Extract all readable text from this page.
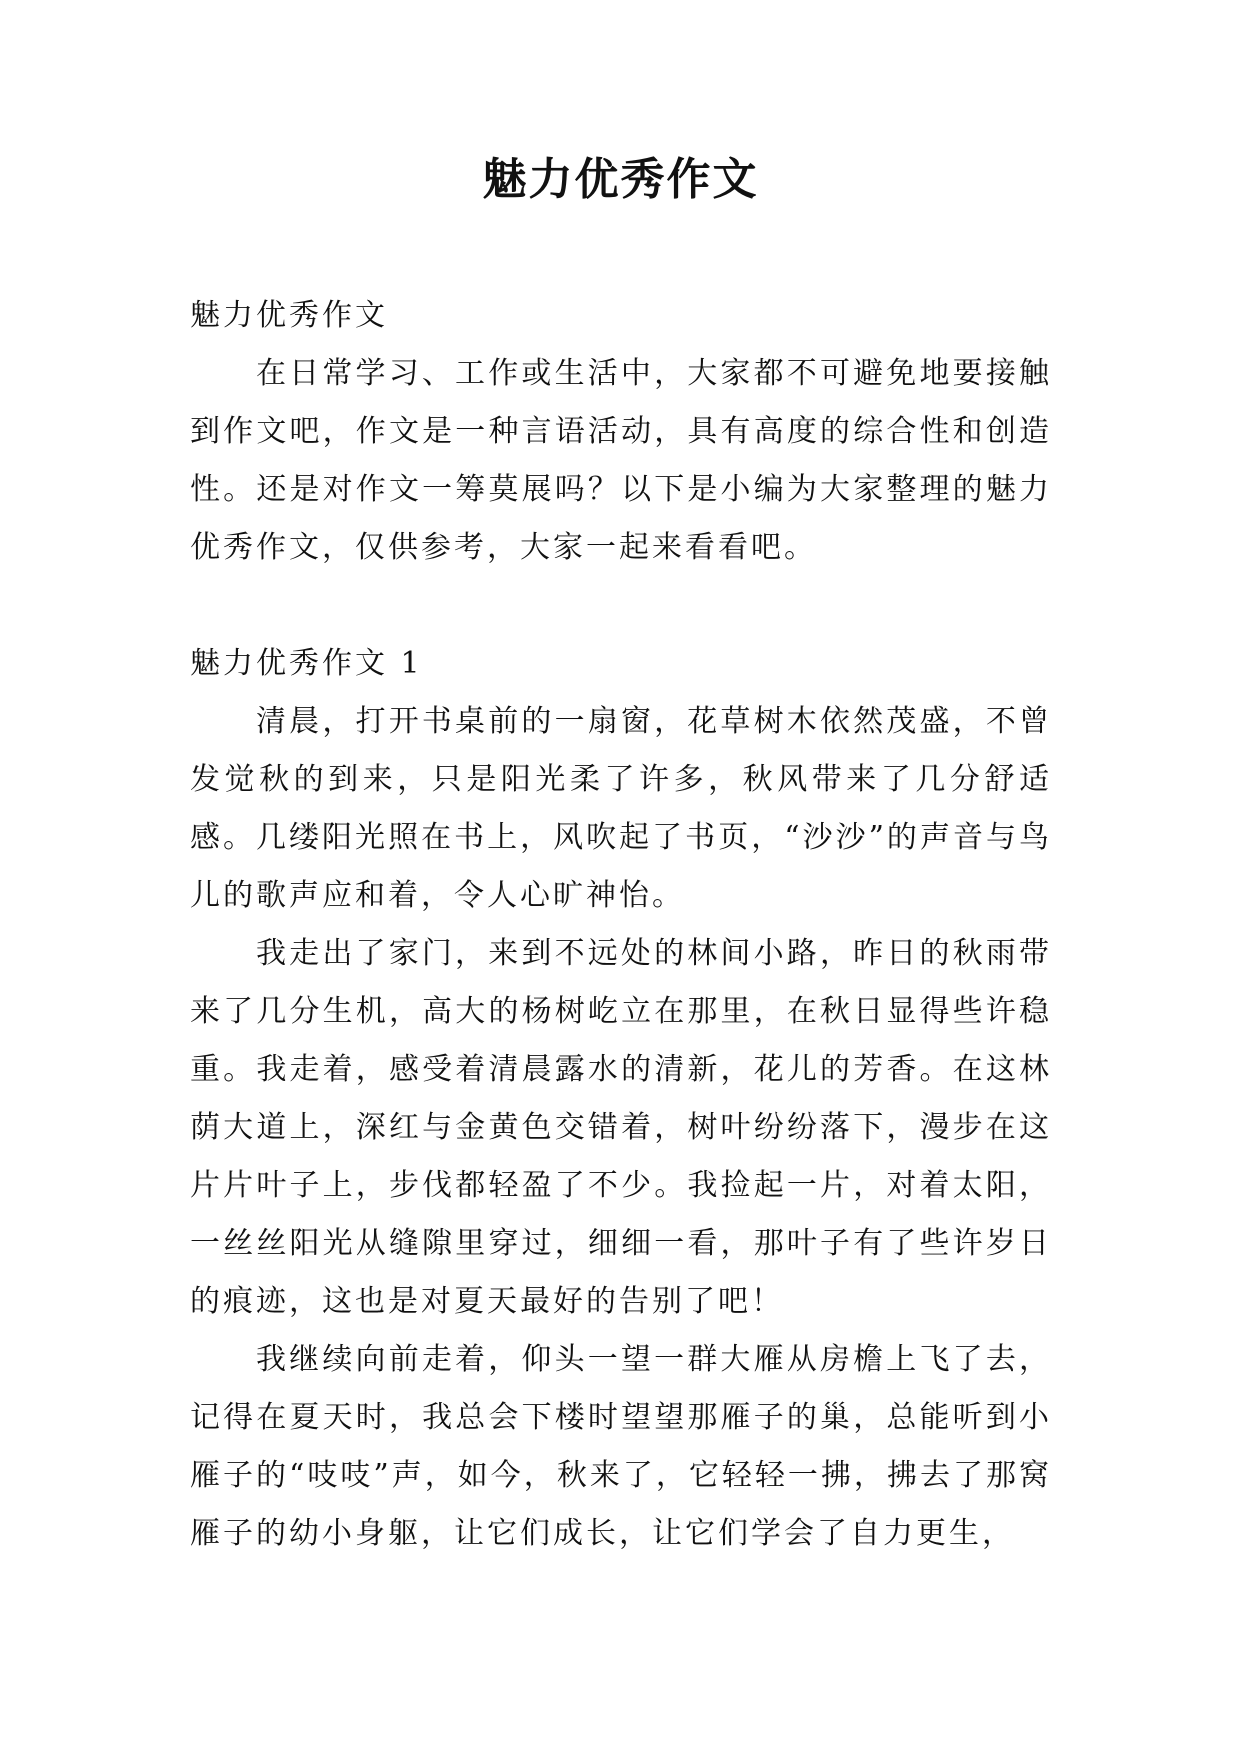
魅力优秀作文

魅力优秀作文

在日常学习、工作或生活中，大家都不可避免地要接触到作文吧，作文是一种言语活动，具有高度的综合性和创造性。还是对作文一筹莫展吗？以下是小编为大家整理的魅力优秀作文，仅供参考，大家一起来看看吧。

魅力优秀作文 1

清晨，打开书桌前的一扇窗，花草树木依然茂盛，不曾发觉秋的到来，只是阳光柔了许多，秋风带来了几分舒适感。几缕阳光照在书上，风吹起了书页，“沙沙”的声音与鸟儿的歌声应和着，令人心旷神怡。

我走出了家门，来到不远处的林间小路，昨日的秋雨带来了几分生机，高大的杨树屹立在那里，在秋日显得些许稳重。我走着，感受着清晨露水的清新，花儿的芳香。在这林荫大道上，深红与金黄色交错着，树叶纷纷落下，漫步在这片片叶子上，步伐都轻盈了不少。我捡起一片，对着太阳，一丝丝阳光从缝隙里穿过，细细一看，那叶子有了些许岁日的痕迹，这也是对夏天最好的告别了吧！

我继续向前走着，仰头一望一群大雁从房檐上飞了去，记得在夏天时，我总会下楼时望望那雁子的巢，总能听到小雁子的“吱吱”声，如今，秋来了，它轻轻一拂，拂去了那窝雁子的幼小身躯，让它们成长，让它们学会了自力更生，
